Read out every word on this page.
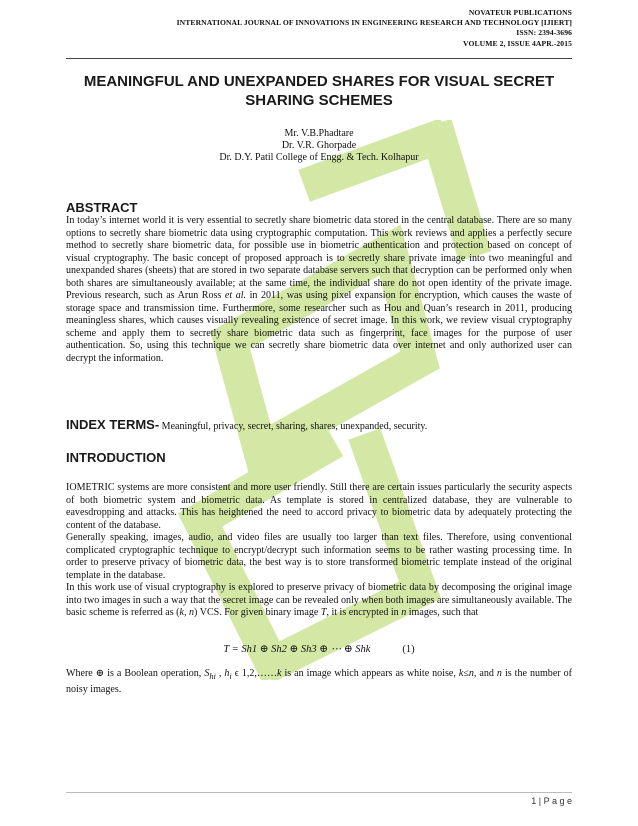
NOVATEUR PUBLICATIONS
INTERNATIONAL JOURNAL OF INNOVATIONS IN ENGINEERING RESEARCH AND TECHNOLOGY [IJIERT]
ISSN: 2394-3696
VOLUME 2, ISSUE 4APR.-2015
MEANINGFUL AND UNEXPANDED SHARES FOR VISUAL SECRET SHARING SCHEMES
Mr. V.B.Phadtare
Dr. V.R. Ghorpade
Dr. D.Y. Patil College of Engg. & Tech. Kolhapur
ABSTRACT
In today’s internet world it is very essential to secretly share biometric data stored in the central database. There are so many options to secretly share biometric data using cryptographic computation. This work reviews and applies a perfectly secure method to secretly share biometric data, for possible use in biometric authentication and protection based on concept of visual cryptography. The basic concept of proposed approach is to secretly share private image into two meaningful and unexpanded shares (sheets) that are stored in two separate database servers such that decryption can be performed only when both shares are simultaneously available; at the same time, the individual share do not open identity of the private image. Previous research, such as Arun Ross et al. in 2011, was using pixel expansion for encryption, which causes the waste of storage space and transmission time. Furthermore, some researcher such as Hou and Quan’s research in 2011, producing meaningless shares, which causes visually revealing existence of secret image. In this work, we review visual cryptography scheme and apply them to secretly share biometric data such as fingerprint, face images for the purpose of user authentication. So, using this technique we can secretly share biometric data over internet and only authorized user can decrypt the information.
INDEX TERMS- Meaningful, privacy, secret, sharing, shares, unexpanded, security.
INTRODUCTION
IOMETRIC systems are more consistent and more user friendly. Still there are certain issues particularly the security aspects of both biometric system and biometric data. As template is stored in centralized database, they are vulnerable to eavesdropping and attacks. This has heightened the need to accord privacy to biometric data by adequately protecting the content of the database.
Generally speaking, images, audio, and video files are usually too larger than text files. Therefore, using conventional complicated cryptographic technique to encrypt/decrypt such information seems to be rather wasting processing time. In order to preserve privacy of biometric data, the best way is to store transformed biometric template instead of the original template in the database.
In this work use of visual cryptography is explored to preserve privacy of biometric data by decomposing the original image into two images in such a way that the secret image can be revealed only when both images are simultaneously available. The basic scheme is referred as (k, n) VCS. For given binary image T, it is encrypted in n images, such that
T = Sh1 ⊕ Sh2 ⊕ Sh3 ⊕ ⋯ ⊕ Shk	(1)
Where ⊕ is a Boolean operation, $S_{hi}$ , $h_i$ ϵ 1,2,……k is an image which appears as white noise, k≤n, and n is the number of noisy images.
1 | P a g e
